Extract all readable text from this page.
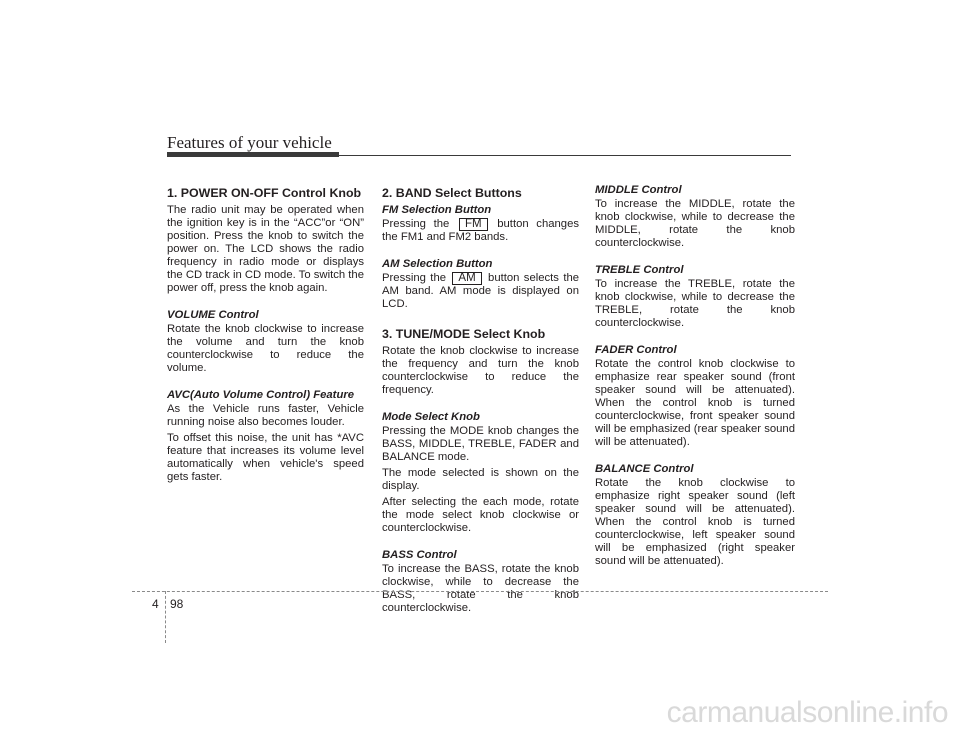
Features of your vehicle
1. POWER ON-OFF Control Knob

The radio unit may be operated when the ignition key is in the “ACC”or “ON” position. Press the knob to switch the power on. The LCD shows the radio frequency in radio mode or displays the CD track in CD mode. To switch the power off, press the knob again.

VOLUME Control

Rotate the knob clockwise to increase the volume and turn the knob counterclockwise to reduce the volume.

AVC(Auto Volume Control) Feature

As the Vehicle runs faster, Vehicle running noise also becomes louder.

To offset this noise, the unit has *AVC feature that increases its volume level automatically when vehicle's speed gets faster.

2. BAND Select Buttons
FM Selection Button

Pressing the FM button changes the FM1 and FM2 bands.

AM Selection Button

Pressing the AM button selects the AM band. AM mode is displayed on LCD.

3. TUNE/MODE Select Knob

Rotate the knob clockwise to increase the frequency and turn the knob counterclockwise to reduce the frequency.

Mode Select Knob

Pressing the MODE knob changes the BASS, MIDDLE, TREBLE, FADER and BALANCE mode.

The mode selected is shown on the display.

After selecting the each mode, rotate the mode select knob clockwise or counterclockwise.

BASS Control

To increase the BASS, rotate the knob clockwise, while to decrease the BASS, rotate the knob counterclockwise.

MIDDLE Control

To increase the MIDDLE, rotate the knob clockwise, while to decrease the MIDDLE, rotate the knob counterclockwise.

TREBLE Control

To increase the TREBLE, rotate the knob clockwise, while to decrease the TREBLE, rotate the knob counterclockwise.

FADER Control

Rotate the control knob clockwise to emphasize rear speaker sound (front speaker sound will be attenuated). When the control knob is turned counterclockwise, front speaker sound will be emphasized (rear speaker sound will be attenuated).

BALANCE Control

Rotate the knob clockwise to emphasize right speaker sound (left speaker sound will be attenuated). When the control knob is turned counterclockwise, left speaker sound will be emphasized (right speaker sound will be attenuated).

4 98
carmanualsonline.info
